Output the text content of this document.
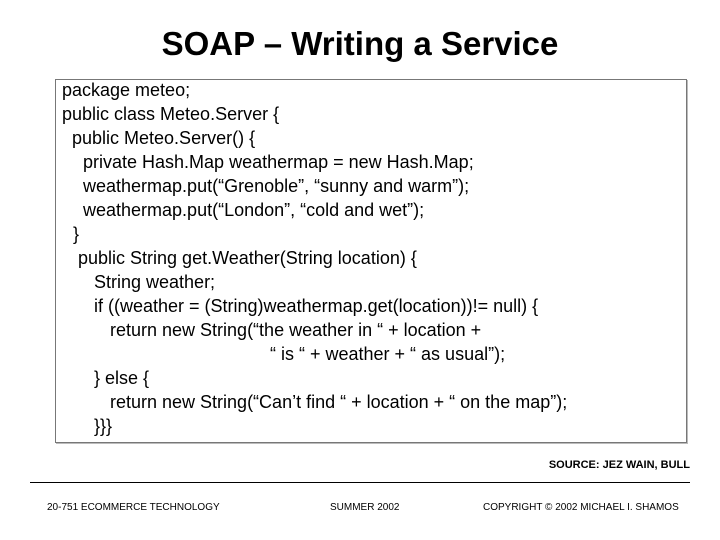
SOAP – Writing a Service
package meteo;
public class Meteo.Server {
public Meteo.Server() {
private Hash.Map weathermap = new Hash.Map;
weathermap.put(“Grenoble”, “sunny and warm”);
weathermap.put(“London”, “cold and wet”);
}
public String get.Weather(String location) {
String weather;
if ((weather = (String)weathermap.get(location))!= null) {
return new String(“the weather in “ + location +
“ is “ + weather + “ as usual”);
} else {
return new String(“Can’t find “ + location + “ on the map”);
}}}
SOURCE: JEZ WAIN, BULL
20-751 ECOMMERCE TECHNOLOGY	SUMMER 2002	COPYRIGHT © 2002 MICHAEL I. SHAMOS
